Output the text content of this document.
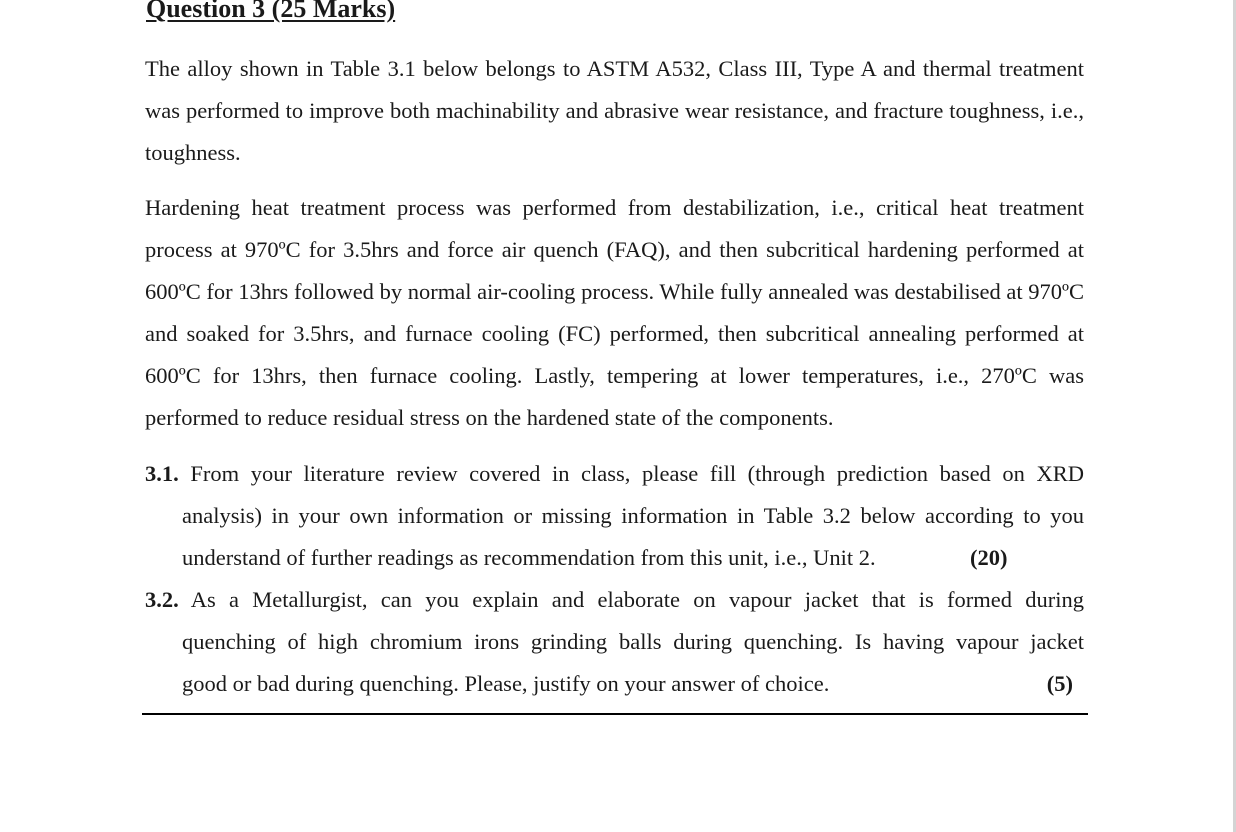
Question 3 (25 Marks)

The alloy shown in Table 3.1 below belongs to ASTM A532, Class III, Type A and thermal treatment was performed to improve both machinability and abrasive wear resistance, and fracture toughness, i.e., toughness.

Hardening heat treatment process was performed from destabilization, i.e., critical heat treatment process at 970ºC for 3.5hrs and force air quench (FAQ), and then subcritical hardening performed at 600ºC for 13hrs followed by normal air-cooling process. While fully annealed was destabilised at 970ºC and soaked for 3.5hrs, and furnace cooling (FC) performed, then subcritical annealing performed at 600ºC for 13hrs, then furnace cooling. Lastly, tempering at lower temperatures, i.e., 270ºC was performed to reduce residual stress on the hardened state of the components.

3.1. From your literature review covered in class, please fill (through prediction based on XRD
analysis) in your own information or missing information in Table 3.2 below according to you
understand of further readings as recommendation from this unit, i.e., Unit 2.	(20)
3.2. As a Metallurgist, can you explain and elaborate on vapour jacket that is formed during
quenching of high chromium irons grinding balls during quenching. Is having vapour jacket
good or bad during quenching. Please, justify on your answer of choice.	(5)
